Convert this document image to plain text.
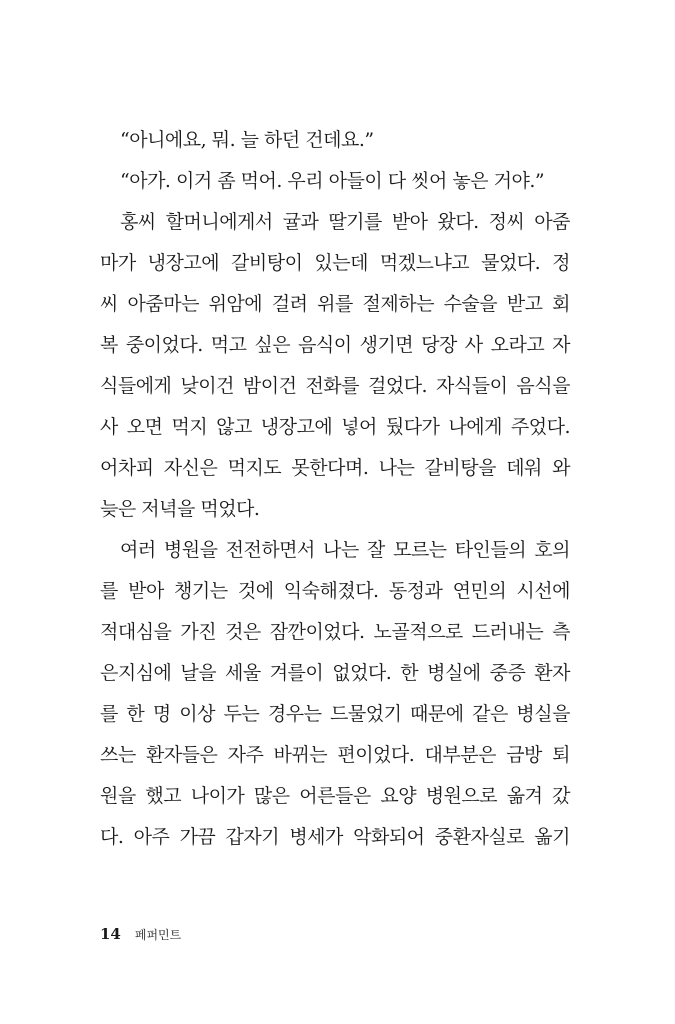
“아니에요, 뭐. 늘 하던 건데요.”
“아가. 이거 좀 먹어. 우리 아들이 다 씻어 놓은 거야.”
홍씨 할머니에게서 귤과 딸기를 받아 왔다. 정씨 아줌
마가 냉장고에 갈비탕이 있는데 먹겠느냐고 물었다. 정
씨 아줌마는 위암에 걸려 위를 절제하는 수술을 받고 회
복 중이었다. 먹고 싶은 음식이 생기면 당장 사 오라고 자
식들에게 낮이건 밤이건 전화를 걸었다. 자식들이 음식을
사 오면 먹지 않고 냉장고에 넣어 뒀다가 나에게 주었다.
어차피 자신은 먹지도 못한다며. 나는 갈비탕을 데워 와
늦은 저녁을 먹었다.
여러 병원을 전전하면서 나는 잘 모르는 타인들의 호의
를 받아 챙기는 것에 익숙해졌다. 동정과 연민의 시선에
적대심을 가진 것은 잠깐이었다. 노골적으로 드러내는 측
은지심에 날을 세울 겨를이 없었다. 한 병실에 중증 환자
를 한 명 이상 두는 경우는 드물었기 때문에 같은 병실을
쓰는 환자들은 자주 바뀌는 편이었다. 대부분은 금방 퇴
원을 했고 나이가 많은 어른들은 요양 병원으로 옮겨 갔
다. 아주 가끔 갑자기 병세가 악화되어 중환자실로 옮기
14 페퍼민트
